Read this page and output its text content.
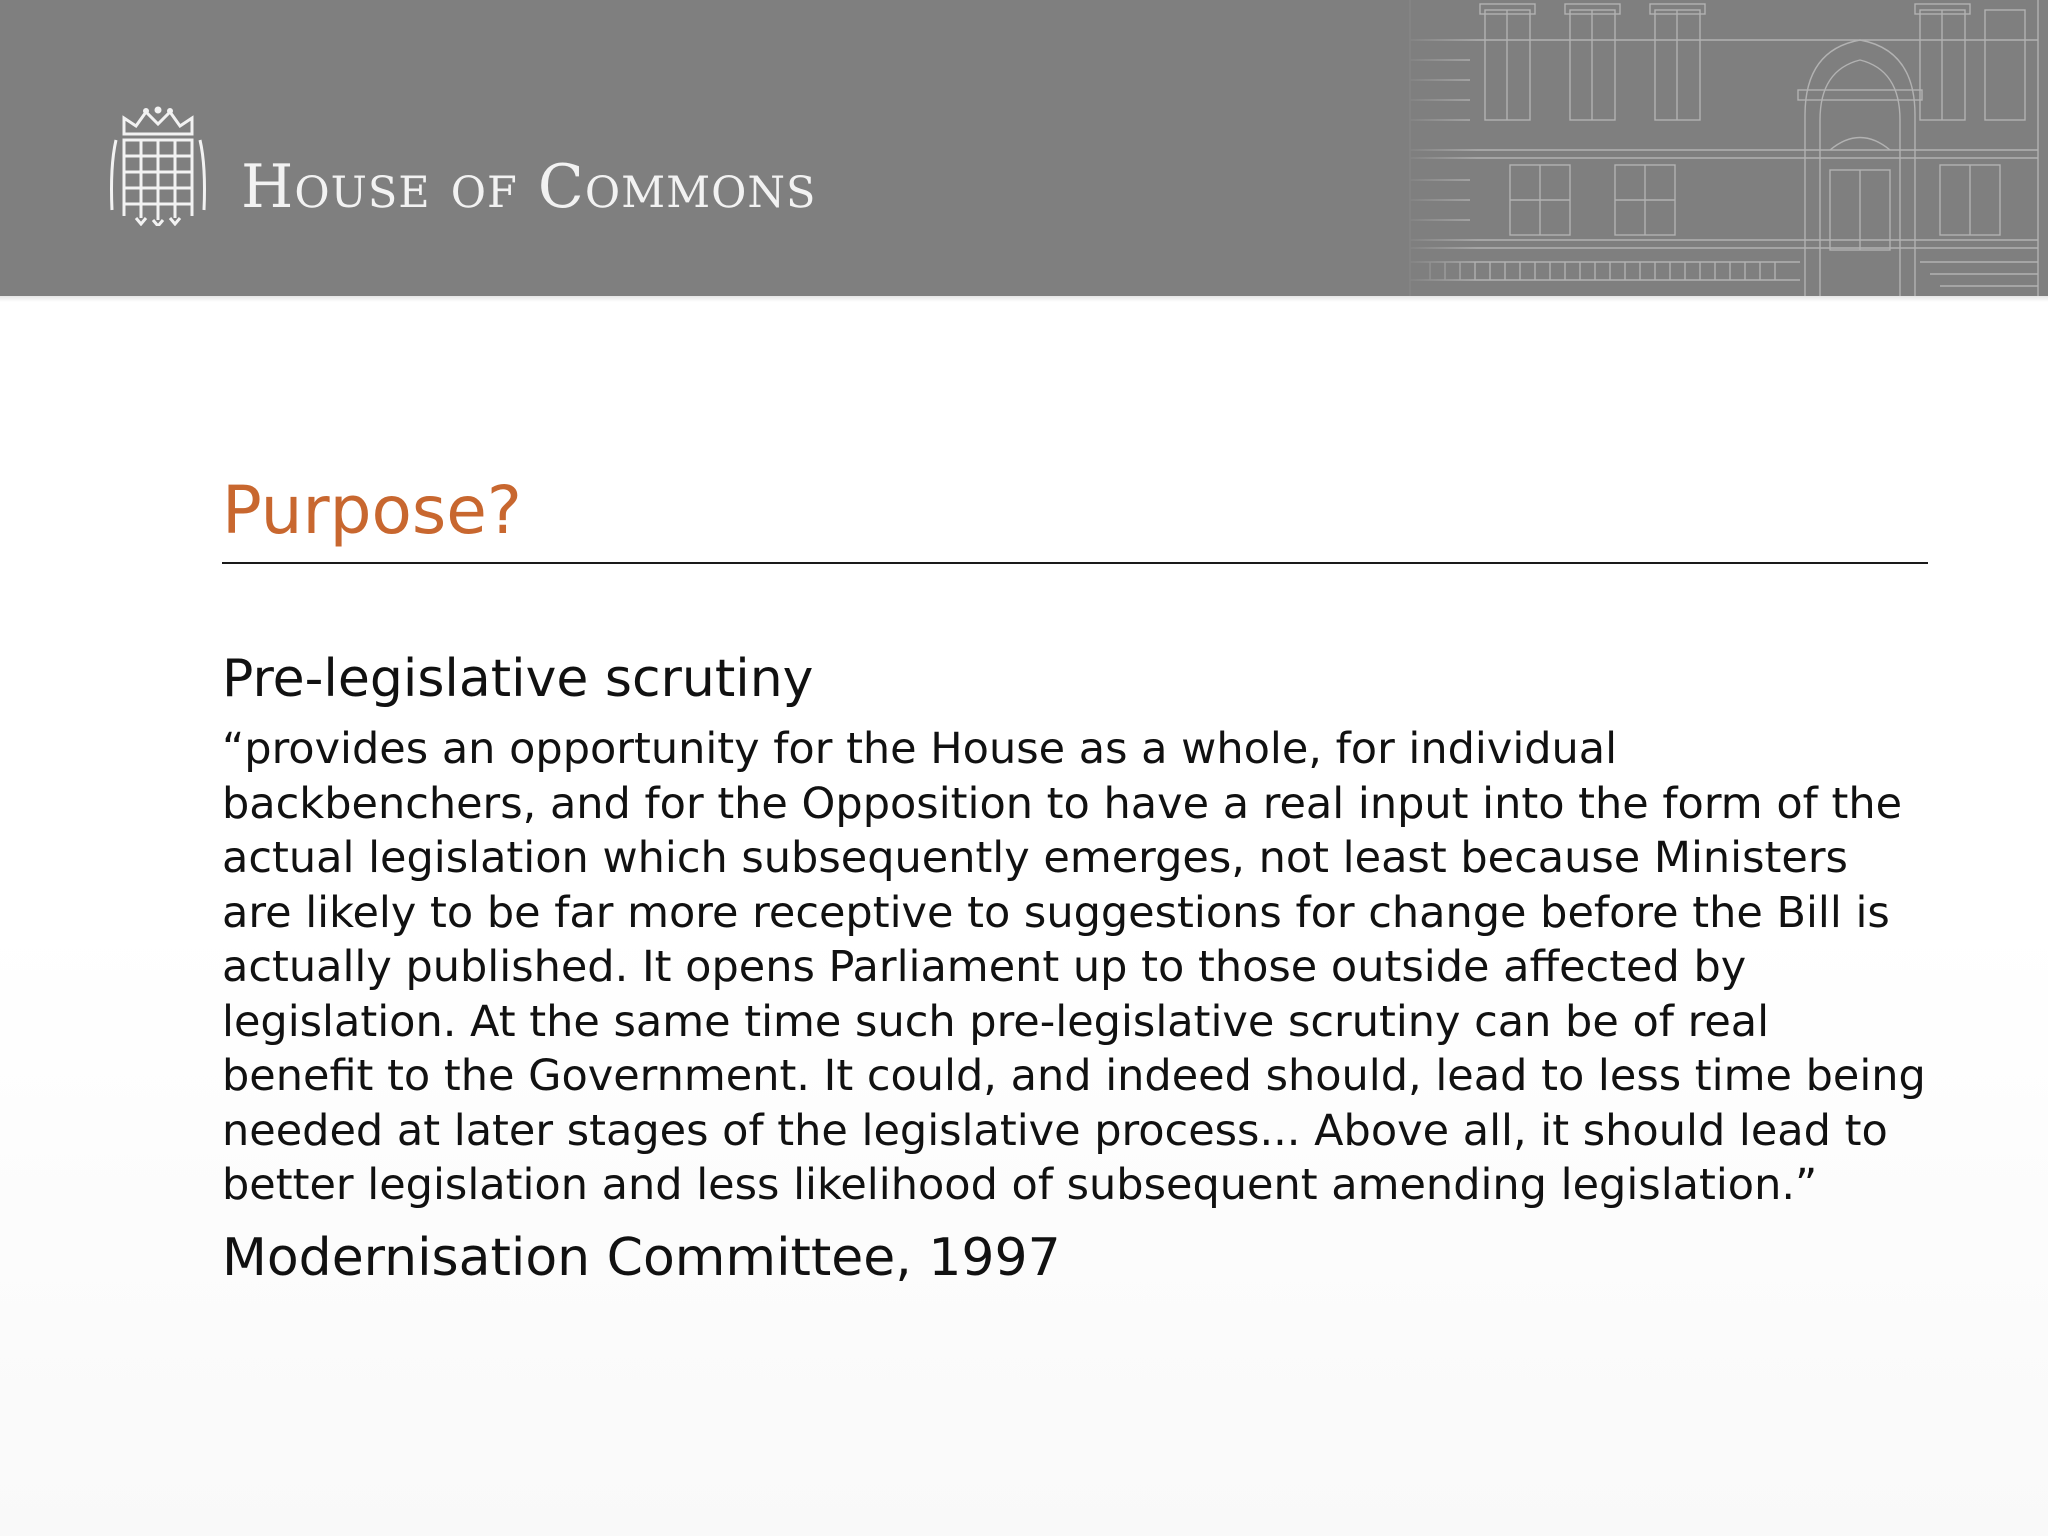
HOUSE OF COMMONS
Purpose?
Pre-legislative scrutiny
“provides an opportunity for the House as a whole, for individual backbenchers, and for the Opposition to have a real input into the form of the actual legislation which subsequently emerges, not least because Ministers are likely to be far more receptive to suggestions for change before the Bill is actually published. It opens Parliament up to those outside affected by legislation. At the same time such pre-legislative scrutiny can be of real benefit to the Government. It could, and indeed should, lead to less time being needed at later stages of the legislative process... Above all, it should lead to better legislation and less likelihood of subsequent amending legislation.”
Modernisation Committee, 1997
